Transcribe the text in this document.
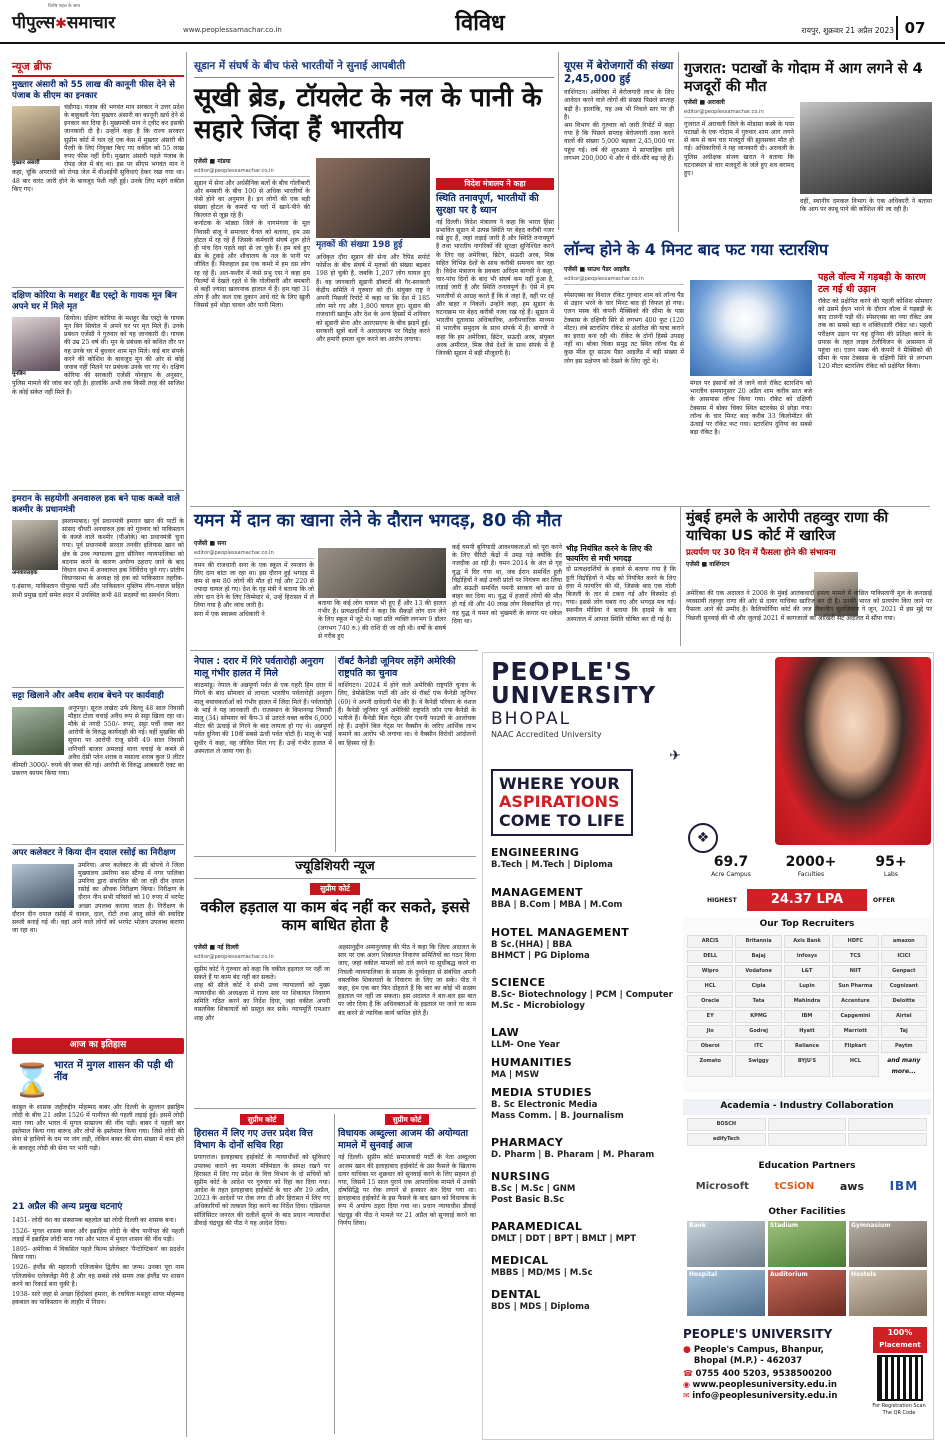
विशेष पहल के साथ
पीपुल्स✱समाचार	www.peoplessamachar.co.in	विविध	रायपुर, शुक्रवार 21 अप्रैल 2023 07
न्यूज ब्रीफ
मुख्तार अंसारी को 55 लाख की कानूनी फीस देने से पंजाब के सीएम का इनकार
मुख्तार अंसारी
चंडीगढ़। पंजाब की भगवंत मान सरकार ने उत्तर प्रदेश के बाहुबली नेता मुख्तार अंसारी का कानूनी खर्च देने से इनकार कर दिया है। मुख्यमंत्री मान ने ट्वीट कर इसकी जानकारी दी है। उन्होंने कहा है कि राज्य सरकार सुप्रीम कोर्ट में चल रहे एक केस में मुख्तार अंसारी की पैरवी के लिए नियुक्त किए गए वकील को 55 लाख रुपए फीस नहीं देगी। मुख्तार अंसारी पहले पंजाब के रोपड़ जेल में बंद था। इस पर सीएम भगवंत मान ने कहा, चूंकि अपराधी को रोपड़ जेल में वीआईपी सुविधाएं देकर रखा गया था। 48 बार वारंट जारी होने के बावजूद पेशी नहीं हुई। उनके लिए महंगे वकील किए गए।
दक्षिण कोरिया के मशहूर बैंड एस्ट्रो के गायक मून बिन अपने घर में मिले मृत
मूनबिन
सियोल। दक्षिण कोरिया के मशहूर बैंड एस्ट्रो के गायक मून बिन सियोल में अपने घर पर मृत मिले हैं। उनके प्रबंधन एजेंसी ने गुरुवार को यह जानकारी दी। गायक की उम्र 25 वर्ष थी। मून के प्रबंधक को कथित तौर पर वह उनके घर में बुधवार शाम मृत मिले। कई बार संपर्क करने की कोशिश के बावजूद मून की ओर से कोई जवाब नहीं मिलने पर प्रबंधक उनके घर गए थे। दक्षिण कोरिया की सरकारी एजेंसी योनहाप के अनुसार, पुलिस मामले की जांच कर रही है। हालांकि अभी तक किसी तरह की साजिश के कोई संकेत नहीं मिले हैं।
इमरान के सहयोगी अनवारुल हक बने पाक कब्जे वाले कश्मीर के प्रधानमंत्री
अनवारुलहक
इस्लामाबाद। पूर्व प्रधानमंत्री इमरान खान की पार्टी के सांसद चौधरी अनवारुल हक को गुरुवार को पाकिस्तान के कब्जे वाले कश्मीर (पीओके) का प्रधानमंत्री चुना गया। पूर्व प्रधानमंत्री सरदार तनवीर इलियास खान को क्षेत्र के उच्च न्यायालय द्वारा सीनियर न्यायपालिका को बदनाम करने के कारण अयोग्य ठहराए जाने के बाद विधान सभा में अनवारुल हक निर्विरोध चुने गए। प्रांतीय विधानसभा के अध्यक्ष रहे हक को पाकिस्तान तहरीक-ए-इंसाफ, पाकिस्तान पीपुल्स पार्टी और पाकिस्तान मुस्लिम लीग-नवाज सहित सभी प्रमुख दलों समेत सदन में उपस्थित सभी 48 सदस्यों का समर्थन मिला।
सट्टा खिलाने और अवैध शराब बेचने पर कार्यवाही
अनूपपुर। सूरज लखेरा उर्फ बिल्लू 48 साल निवासी मौहार टोला चचाई अवैध रूप से सट्टा खिला रहा था। मौके से नगदी 550/- रुपए, सट्टा पर्ची जब्त कर आरोपी के विरुद्ध कार्यवाही की गई। वहीं मुखबिर की सूचना पर आरोपी राजू सोनी 49 साल निवासी शनिचरी बाजार अमलाई थाना चचाई के कब्जे से अवैध देसी प्लेन शराब व मसाला शराब कुल 9 लीटर कीमती 3000/- रुपये की जब्त की गई। आरोपी के विरुद्ध आबकारी एक्ट का प्रकरण कायम किया गया।
अपर कलेक्टर ने किया दीन दयाल रसोई का निरीक्षण
उमरिया। अपर कलेक्टर के सी बोपचे ने जिला मुख्यालय उमरिया बस स्टैण्ड में नगर पालिका उमरिया द्वारा संचालित की जा रही दीन दयाल रसोई का औचक निरीक्षण किया। निरीक्षण के दौरान नीन सभी परिसरों को 10 रुपए में भरपेट अच्छा उपलब्ध कराया जाता है। निरीक्षण के दौरान दीन दयाल रसोई में चावल, दाल, रोटी तथा आलू छोले की स्वादिष्ट सब्जी बनाई गई थी। वहां आने वाले लोगों को भरपेट भोजन उपलब्ध कराया जा रहा था।
आज का इतिहास
⌛ भारत में मुगल शासन की पड़ी थी नींव
काबुल के शासक जहीरुद्दीन मोहम्मद बाबर और दिल्ली के सुल्तान इब्राहिम लोदी के बीच 21 अप्रैल 1526 में पानीपत की पहली लड़ाई हुई। इसमें लोदी मारा गया और भारत में मुगल साम्राज्य की नींव पड़ी। बाबर ने पहली बार इस्तेमाल किया गया बारूद और तोपों के इस्तेमाल किया गया। जिसे लोदी की सेना से हाथियों के दम पर जंग लड़ी, लेकिन बाबर की सेना संख्या में कम होने के बावजूद लोदी की सेना पर भारी पड़ी।
21 अप्रैल की अन्य प्रमुख घटनाएं
1451- लोदी वंश का संस्थापक बहलोल खां लोदी दिल्ली का शासक बना।
1526- मुगल शासक बाबर और इब्राहिम लोदी के बीच पानीपत की पहली लड़ाई में इब्राहिम लोदी मारा गया और भारत में मुगल शासन की नींव पड़ी।
1895- अमेरिका में विकसित पहले फिल्म प्रोजेक्टर 'पैन्टोप्टिकन' का प्रदर्शन किया गया।
1926- इंग्लैंड की महारानी एलिजाबेथ द्वितीय का जन्म। उनका पूरा नाम एलिजाबेथ एलेक्जेंड्रा मैरी है और वह सबसे लंबे समय तक इंग्लैंड पर शासन करने का रिकार्ड बना चुकी है।
1938- सारे जहां से अच्छा हिंदोस्तां हमारा, के रचयिता मशहूर शायर मोहम्मद इकबाल का पाकिस्तान के लाहौर में निधन।
सूडान में संघर्ष के बीच फंसे भारतीयों ने सुनाई आपबीती
सूखी ब्रेड, टॉयलेट के नल के पानी के सहारे जिंदा हैं भारतीय
एजेंसी ■ मांडया
editor@peoplessamachar.co.in
सूडान में सेना और अर्धसैनिक बलों के बीच गोलीबारी और बमबारी के बीच 100 से अधिक भारतीयों के फंसे होने का अनुमान है। इन लोगों की एक बड़ी संख्या होटल के कमरों या घरों में खाने-पीने की किल्लत से जूझ रहे हैं।
कर्नाटक के मांड्या जिले के नागमंगला के मूल निवासी संजू ने समाचार चैनल को बताया, हम उस होटल में रह रहे हैं जिसके कर्मचारी संघर्ष शुरू होते ही पांच दिन पहले वहां से जा चुके हैं। हम बचे हुए ब्रेड के टुकड़े और शौचालय के नल के पानी पर जीवित हैं। फिलहाल इस एक कमरे में हम दस लोग रह रहे हैं। अल-फशीर में फंसे प्रभु एस ने कहा हम फिल्मों में देखते रहते थे कि गोलीबारी और बमबारी से कहीं ज्यादा खतरनाक हालात में हैं। हम यहां 31 लोग हैं और कल एक दुकान आधे घंटे के लिए खुली जिससे हमें थोड़ा चावल और पानी मिला।
मृतकों की संख्या 198 हुई
अधिकृत दौरा सूडान की सेना और रैपिड सपोर्ट फोर्सेज के बीच संघर्ष में मृतकों की संख्या बढ़कर 198 हो चुकी है, जबकि 1,207 लोग घायल हुए हैं। वह जानकारी सूडानी डॉक्टरों की गैर-सरकारी केंद्रीय समिति ने गुरुवार को दी। संयुक्त राष्ट्र ने अपनी पिछली रिपोर्ट में कहा था कि देश में 185 लोग मारे गए और 1,800 घायल हुए। सूडान की राजधानी खार्तूम और देश के अन्य हिस्सों में शनिवार को सूडानी सेना और आरएसएफ के बीच झड़पें हुई। सरकारी सूत्रों बलों ने आरएसएफ पर विद्रोह करने और हमारी हमला शुरू करने का आरोप लगाया।
विदेश मंत्रालय ने कहा
स्थिति तनावपूर्ण, भारतीयों की सुरक्षा पर है ध्यान
नई दिल्ली। विदेश मंत्रालय ने कहा कि भारत हिंसा प्रभावित सूडान में उत्पन्न स्थिति पर बेहद करीबी नजर रखे हुए हैं, जहां लड़ाई जारी है और स्थिति तनावपूर्ण है तथा भारतीय नागरिकों की सुरक्षा सुनिश्चित करने के लिए वह अमेरिका, ब्रिटेन, सऊदी अरब, मिस्र सहित विभिन्न देशों के साथ करीबी समन्वय कर रहा है। विदेश मंत्रालय के प्रवक्ता अरिंदम बागची ने कहा, चार-पांच दिनों के बाद भी संघर्ष कम नहीं हुआ है, लड़ाई जारी है और स्थिति तनावपूर्ण है। ऐसे में हम भारतीयों से आग्रह करते हैं कि वे जहां हैं, वहीं पर रहें और बाहर न निकलें। उन्होंने कहा, हम सूडान के घटनाक्रम पर बेहद करीबी नजर रख रहे हैं। सूडान में भारतीय दूतावास अधिकारिक, अनौपचारिक माध्यम से भारतीय समुदाय के साथ संपर्क में है। बागची ने कहा कि हम अमेरिका, ब्रिटेन, सऊदी अरब, संयुक्त अरब अमीरात, मिस्र जैसे देशों के साथ संपर्क में हैं जिनकी सूडान में बड़ी मौजूदगी है।
यूएस में बेरोजगारों की संख्या 2,45,000 हुई
वाशिंगटन। अमेरिका में बेरोजगारी लाभ के लिए आवेदन करने वाले लोगों की संख्या पिछले सप्ताह बढ़ी है। हालांकि, यह अब भी निचले स्तर पर ही है।
श्रम विभाग की गुरुवार को जारी रिपोर्ट में कहा गया है कि पिछले सप्ताह बेरोजगारी दावा करने वालों की संख्या 5,000 बढ़कर 2,45,000 पर पहुंच गई। वर्ष की शुरुआत में साप्ताहिक दावे लगभग 200,000 थे और ये धीरे-धीरे बढ़ रहे हैं।
गुजरात: पटाखों के गोदाम में आग लगने से 4 मजदूरों की मौत
एजेंसी ■ अरावली
editor@peoplessamachar.co.in
गुजरात में अरावली जिले के मोडासा कस्बे के पास पटाखों के एक गोदाम में गुरुवार शाम आग लगने से कम से कम चार मजदूरों की झुलसकर मौत हो गई। अधिकारियों ने यह जानकारी दी। अरावली के पुलिस अधीक्षक संजय खरात ने बताया कि घटनास्थल से चार मजदूरों के जले हुए शव बरामद हुए।
वहीं, स्थानीय दमकल विभाग के एक अधिकारी ने बताया कि आग पर काबू पाने की कोशिश की जा रही है।
लॉन्च होने के 4 मिनट बाद फट गया स्टारशिप
एजेंसी ■ साउथ पैडर आइलैंड
editor@peoplessamachar.co.in
स्पेसएक्स का विशाल रॉकेट गुरुवार शाम को लॉन्च पैड से उड़ान भरने के चार मिनट बाद ही विफल हो गया। एलन मस्क की कंपनी मैक्सिको की सीमा के पास टेक्सास के दक्षिणी सिरे से लगभग 400 फुट (120 मीटर) लंबे स्टारशिप रॉकेट से अंतरिक्ष की यात्रा कराने का इरादा बना रही थी। रॉकेट के दोनों हिस्से उपग्रह नहीं था। बोका चिका समुद्र तट स्थित लॉन्च पैड से कुछ मील दूर साउथ पैडर आइलैंड में बड़ी संख्या में लोग इस प्रक्षेपण को देखने के लिए जुटे थे।
मंगल पर इंसानों को ले जाने वाले रॉकेट स्टारशिप को भारतीय समयानुसार 20 अप्रैल शाम करीब सात बजे के आसपास लॉन्च किया गया। रॉकेट को दक्षिणी टेक्सास में बोका चिका स्थित स्टारबेस से छोड़ा गया। लॉन्च के चार मिनट बाद करीब 33 किलोमीटर की ऊंचाई पर रॉकेट फट गया। स्टारशिप दुनिया का सबसे बड़ा रॉकेट है।
पहले वॉल्व में गड़बड़ी के कारण टल गई थी उड़ान
रॉकेट को प्रक्षेपित करने की पहली कोशिश सोमवार को उसमें ईंधन भरने के दौरान वॉल्व में गड़बड़ी के बाद टालनी पड़ी थी। स्पेसएक्स का नया रॉकेट अब तक का सबसे बड़ा व शक्तिशाली रॉकेट था। पहली परीक्षण उड़ान पर यह दुनिया की प्रतिक्षा करने के प्रयास के तहत लाइव टेलीविजन के आसमान में पहुंचा था। एलन मस्क की कंपनी ने मैक्सिको की सीमा के पास टेक्सास के दक्षिणी सिरे से लगभग 120 मीटर स्टारशिप रॉकेट को प्रक्षेपित किया।
यमन में दान का खाना लेने के दौरान भगदड़, 80 की मौत
एजेंसी ■ सना
editor@peoplessamachar.co.in
यमन की राजधानी सना के एक स्कूल में रमजान के लिए दान बांटा जा रहा था। इस दौरान हुई भगदड़ में कम से कम 80 लोगों की मौत हो गई और 220 से ज्यादा घायल हो गए। देश के गृह मंत्री ने बताया कि जो लोग दान देने के लिए जिम्मेदार थे, उन्हें हिरासत में ले लिया गया है और जांच जारी है।
सना में एक स्वास्थ्य अधिकारी ने
बताया कि कई लोग घायल भी हुए हैं और 13 की हालत गंभीर है। प्रत्यक्षदर्शियों ने कहा कि सैकड़ों लोग दान लेने के लिए स्कूल में जुटे थे। यहां प्रति व्यक्ति लगभग 9 डॉलर (लगभग 740 रु.) की राशि दी जा रही थी। वर्षों के संघर्ष से गरीब हुए
कई यमनी बुनियादी आवश्यकताओं को पूरा करने के लिए चैरिटी केंद्रों में उमड़ पड़े क्योंकि ईद नजदीक आ रही है। यमन 2014 के अंत से गृह युद्ध में घिर गया था, जब ईरान समर्थित हूती विद्रोहियों ने कई उत्तरी प्रांतों पर नियंत्रण कर लिया और सऊदी समर्थित यमनी सरकार को सना से बाहर कर दिया था। युद्ध में हजारों लोगों की मौत हो गई थी और 40 लाख लोग विस्थापित हो गए। यह युद्ध ने यमन को भुखमरी के कगार पर धकेल दिया था।
भीड़ नियंत्रित करने के लिए की फायरिंग से मची भगदड़
दो प्रत्यक्षदर्शियों के हवाले से बताया गया है कि हूती विद्रोहियों ने भीड़ को नियंत्रित करने के लिए हवा में फायरिंग की थी, जिसके बाद एक गोली बिजली के तार से टकरा गई और विस्फोट हो गया। इससे लोग घबरा गए और भगदड़ मच गई। स्थानीय मीडिया ने बताया कि हादसे के बाद अस्पताल में आपात स्थिति घोषित कर दी गई है।
मुंबई हमले के आरोपी तहव्वुर राणा की याचिका US कोर्ट में खारिज
प्रत्यर्पण पर 30 दिन में फैसला होने की संभावना
एजेंसी ■ वाशिंगटन
अमेरिका की एक अदालत ने 2008 के मुंबई आतंकवादी हमला मामले में वांछित पाकिस्तानी मूल के कनाडाई व्यवसायी तहव्वुर राणा की ओर से दायर याचिका खारिज कर दी है। उनकी भारत को प्रत्यर्पण किए जाने पर फैसला आने की उम्मीद है। कैलिफोर्निया कोर्ट की जज जैकलीन चूलजियान ने जून, 2021 में इस मुद्दे पर पिछली सुनवाई की थी और जुलाई 2021 में कागजातों का आखिरी सेट अदालत में सौंपा गया।
नेपाल : दरार में गिरे पर्वतारोही अनुराग मालू गंभीर हालत में मिले
काठमांडू। नेपाल के अन्नपूर्णा पर्वत से एक गहरी हिम दरार में गिरने के बाद सोमवार से लापता भारतीय पर्वतारोही अनुराग मालू बचावकर्ताओं को गंभीर हालत में जिंदा मिले हैं। पर्वतारोही के भाई ने यह जानकारी दी। राजस्थान के किशनगढ़ निवासी मालू (34) सोमवार को कैंप-3 से उतरते वक्त करीब 6,000 मीटर की ऊंचाई से गिरने के बाद लापता हो गए थे। अन्नपूर्णा पर्वत दुनिया की 10वीं सबसे ऊंची पर्वत चोटी है। मालू के भाई सुधीर ने कहा, वह जीवित मिल गए हैं। उन्हें गंभीर हालत में अस्पताल ले जाया गया है।
रॉबर्ट कैनेडी जूनियर लड़ेंगे अमेरिकी राष्ट्रपति का चुनाव
वाशिंगटन। 2024 में होने वाले अमेरिकी राष्ट्रपति चुनाव के लिए, डेमोक्रेटिक पार्टी की ओर से रॉबर्ट एफ कैनेडी जूनियर (69) ने अपनी दावेदारी पेश की है। वे कैनेडी परिवार के वंशज हैं। कैनेडी जूनियर पूर्व अमेरिकी राष्ट्रपति जॉन एफ कैनेडी के भतीजे हैं। कैनेडी बिल गेट्स और एंथनी फाउची के आलोचक रहे हैं। उन्होंने बिल गेट्स पर वैक्सीन के जरिए आर्थिक लाभ कमाने का आरोप भी लगाया था। वे वैक्सीन विरोधी आंदोलनों का हिस्सा रहे हैं।
ज्यूडिशियरी न्यूज
सुप्रीम कोर्ट
वकील हड़ताल या काम बंद नहीं कर सकते, इससे काम बाधित होता है
एजेंसी ■ नई दिल्ली
editor@peoplessamachar.co.in
सुप्रीम कोर्ट ने गुरुवार को कहा कि वकील हड़ताल पर नहीं जा सकते हैं या काम बंद नहीं कर सकते।
शाह श्री सीजे कोर्ट ने सभी उच्च न्यायालयों को मुख्य न्यायाधीश की अध्यक्षता में राज्य स्तर पर शिकायत निवारण समिति गठित करने का निर्देश दिया, जहां वकील अपनी वास्तविक शिकायतों को प्रस्तुत कर सकें। न्यायमूर्ति एमआर शाह और
अहसानुद्दीन अमानुल्लाह की पीठ ने कहा कि जिला अदालत के स्तर पर एक अलग शिकायत निवारण समितियों का गठन किया जाए, जहां वकील मामलों को दर्ज करने या सूचीबद्ध करने या निचली न्यायपालिका के सदस्य के दुर्व्यवहार से संबंधित अपनी वास्तविक शिकायतों के निवारण के लिए जा सकें। पीठ ने कहा, हम एक बार फिर दोहराते हैं कि बार का कोई भी सदस्य हड़ताल पर नहीं जा सकता। इस अदालत ने बार-बार इस बात पर जोर दिया है कि अधिवक्ताओं के हड़ताल पर जाने या काम बंद करने से न्यायिक कार्य बाधित होते हैं।
सुप्रीम कोर्ट
हिरासत में लिए गए उत्तर प्रदेश वित्त विभाग के दोनों सचिव रिहा
प्रयागराज। इलाहाबाद हाईकोर्ट के न्यायाधीशों को सुविधाएं उपलब्ध कराने का मामला मंत्रिमंडल के समक्ष रखने पर हिरासत में लिए गए प्रदेश के वित्त विभाग के दो सचिवों को सुप्रीम कोर्ट के आदेश पर गुरुवार को रिहा कर दिया गया। आदेश के तहत इलाहाबाद हाईकोर्ट के चार और 19 अप्रैल, 2023 के आदेशों पर रोक लगा दी और हिरासत में लिए गए अधिकारियों को तत्काल रिहा करने का निर्देश दिया। एडिशनल सॉलिसिटर जनरल की दलीलें सुनने के बाद प्रधान न्यायाधीश डीवाई चंद्रचूड़ की पीठ ने यह आदेश दिया।
सुप्रीम कोर्ट
विधायक अब्दुल्ला आजम की अयोग्यता मामले में सुनवाई आज
नई दिल्ली। सुप्रीम कोर्ट समाजवादी पार्टी के नेता अब्दुल्ला आजम खान की इलाहाबाद हाईकोर्ट के उस फैसले के खिलाफ दायर याचिका पर शुक्रवार को सुनवाई करने के लिए सहमत हो गया, जिसमें 15 साल पुराने एक आपराधिक मामले में उनकी दोषसिद्धि पर रोक लगाने से इनकार कर दिया गया था। इलाहाबाद हाईकोर्ट के इस फैसले के बाद खान को विधायक के रूप में अयोग्य ठहरा दिया गया था। प्रधान न्यायाधीश डीवाई चंद्रचूड़ की पीठ ने मामले पर 21 अप्रैल को सुनवाई करने का निर्णय लिया।
PEOPLE'S
UNIVERSITY
BHOPAL
NAAC Accredited University
✈
WHERE YOUR
ASPIRATIONS
COME TO LIFE
ENGINEERING
B.Tech | M.Tech | Diploma
MANAGEMENT
BBA | B.Com | MBA | M.Com
HOTEL MANAGEMENT
B Sc.(HHA) | BBA
BHMCT | PG Diploma
SCIENCE
B.Sc- Biotechnology | PCM | Computer
M.Sc - Microbiology
LAW
LLM- One Year
HUMANITIES
MA | MSW
MEDIA STUDIES
B. Sc Electronic Media
Mass Comm. | B. Journalism
PHARMACY
D. Pharm | B. Pharam | M. Pharam
NURSING
B.Sc | M.Sc | GNM
Post Basic B.Sc
PARAMEDICAL
DMLT | DDT | BPT | BMLT | MPT
MEDICAL
MBBS | MD/MS | M.Sc
DENTAL
BDS | MDS | Diploma
❖
69.7
Acre Campus
2000+
Faculties
95+
Labs
HIGHEST	24.37 LPA	OFFER
Our Top Recruiters
ARCIS	Britannia	Axis Bank	HDFC	amazon
DELL	Bajaj	Infosys	TCS	ICICI
Wipro	Vodafone	L&T	NIIT	Genpact
HCL	Cipla	Lupin	Sun Pharma	Cognizant
Oracle	Tata	Mahindra	Accenture	Deloitte
EY	KPMG	IBM	Capgemini	Airtel
Jio	Godrej	Hyatt	Marriott	Taj
Oberoi	ITC	Reliance	Flipkart	Paytm
Zomato	Swiggy	BYJU'S	HCL	and many more...
Academia - Industry Collaboration
BOSCH
edifyTech
Education Partners
Microsoft	tCSiON aws IBM
Other Facilities
Bank	Stadium	Gymnasium
Hospital	Auditorium	Hostels
PEOPLE'S UNIVERSITY
● People's Campus, Bhanpur,
Bhopal (M.P.) - 462037
☎ 0755 400 5203, 9538500200
◉ www.peoplesuniversity.edu.in
✉ info@peoplesuniversity.edu.in
100%
Placement
For Registration Scan The QR Code
